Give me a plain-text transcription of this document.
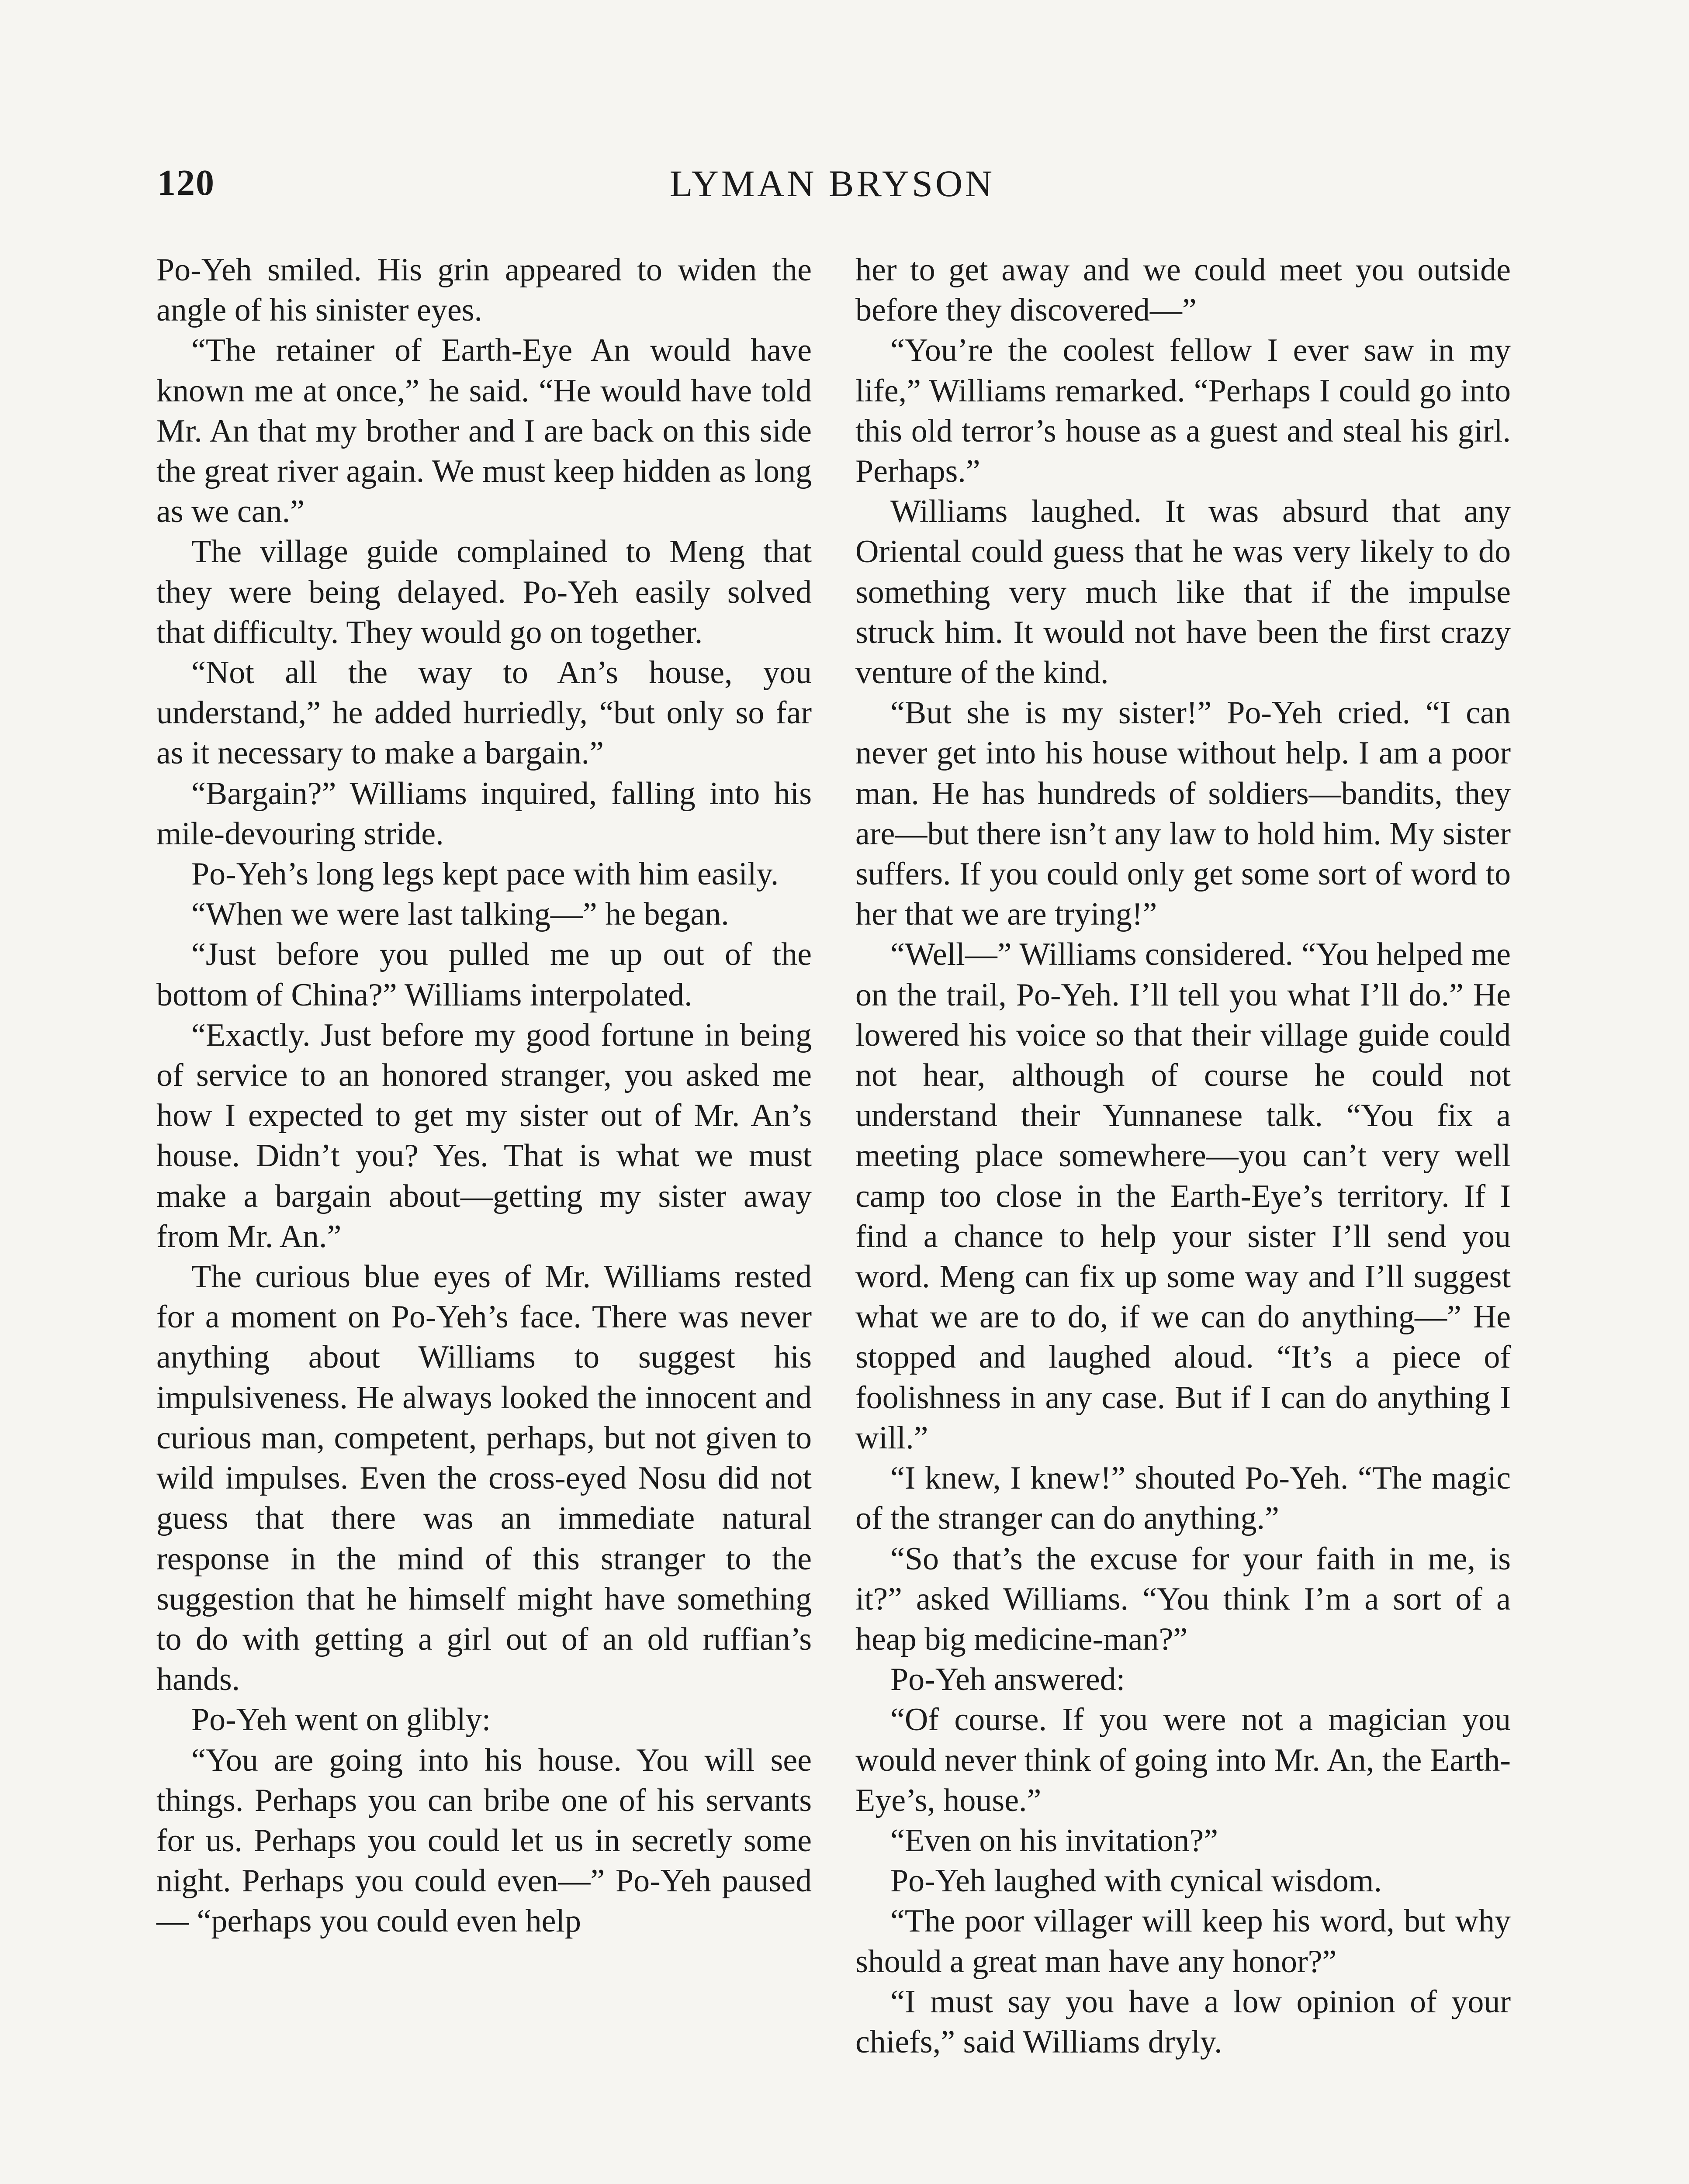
120	LYMAN BRYSON

Po-Yeh smiled. His grin appeared to widen the angle of his sinister eyes.

“The retainer of Earth-Eye An would have known me at once,” he said. “He would have told Mr. An that my brother and I are back on this side the great river again. We must keep hidden as long as we can.”

The village guide complained to Meng that they were being delayed. Po-Yeh easily solved that difficulty. They would go on together.

“Not all the way to An’s house, you understand,” he added hurriedly, “but only so far as it necessary to make a bargain.”

“Bargain?” Williams inquired, falling into his mile-devouring stride.

Po-Yeh’s long legs kept pace with him easily.

“When we were last talking—” he began.

“Just before you pulled me up out of the bottom of China?” Williams interpolated.

“Exactly. Just before my good fortune in being of service to an honored stranger, you asked me how I expected to get my sister out of Mr. An’s house. Didn’t you? Yes. That is what we must make a bargain about—getting my sister away from Mr. An.”

The curious blue eyes of Mr. Williams rested for a moment on Po-Yeh’s face. There was never anything about Williams to suggest his impulsiveness. He always looked the innocent and curious man, competent, perhaps, but not given to wild impulses. Even the cross-eyed Nosu did not guess that there was an immediate natural response in the mind of this stranger to the suggestion that he himself might have something to do with getting a girl out of an old ruffian’s hands.

Po-Yeh went on glibly:

“You are going into his house. You will see things. Perhaps you can bribe one of his servants for us. Perhaps you could let us in secretly some night. Perhaps you could even—” Po-Yeh paused— “perhaps you could even help

her to get away and we could meet you outside before they discovered—”

“You’re the coolest fellow I ever saw in my life,” Williams remarked. “Perhaps I could go into this old terror’s house as a guest and steal his girl. Perhaps.”

Williams laughed. It was absurd that any Oriental could guess that he was very likely to do something very much like that if the impulse struck him. It would not have been the first crazy venture of the kind.

“But she is my sister!” Po-Yeh cried. “I can never get into his house without help. I am a poor man. He has hundreds of soldiers—bandits, they are—but there isn’t any law to hold him. My sister suffers. If you could only get some sort of word to her that we are trying!”

“Well—” Williams considered. “You helped me on the trail, Po-Yeh. I’ll tell you what I’ll do.” He lowered his voice so that their village guide could not hear, although of course he could not understand their Yunnanese talk. “You fix a meeting place somewhere—you can’t very well camp too close in the Earth-Eye’s territory. If I find a chance to help your sister I’ll send you word. Meng can fix up some way and I’ll suggest what we are to do, if we can do anything—” He stopped and laughed aloud. “It’s a piece of foolishness in any case. But if I can do anything I will.”

“I knew, I knew!” shouted Po-Yeh. “The magic of the stranger can do anything.”

“So that’s the excuse for your faith in me, is it?” asked Williams. “You think I’m a sort of a heap big medicine-man?”

Po-Yeh answered:

“Of course. If you were not a magician you would never think of going into Mr. An, the Earth-Eye’s, house.”

“Even on his invitation?”

Po-Yeh laughed with cynical wisdom.

“The poor villager will keep his word, but why should a great man have any honor?”

“I must say you have a low opinion of your chiefs,” said Williams dryly.
